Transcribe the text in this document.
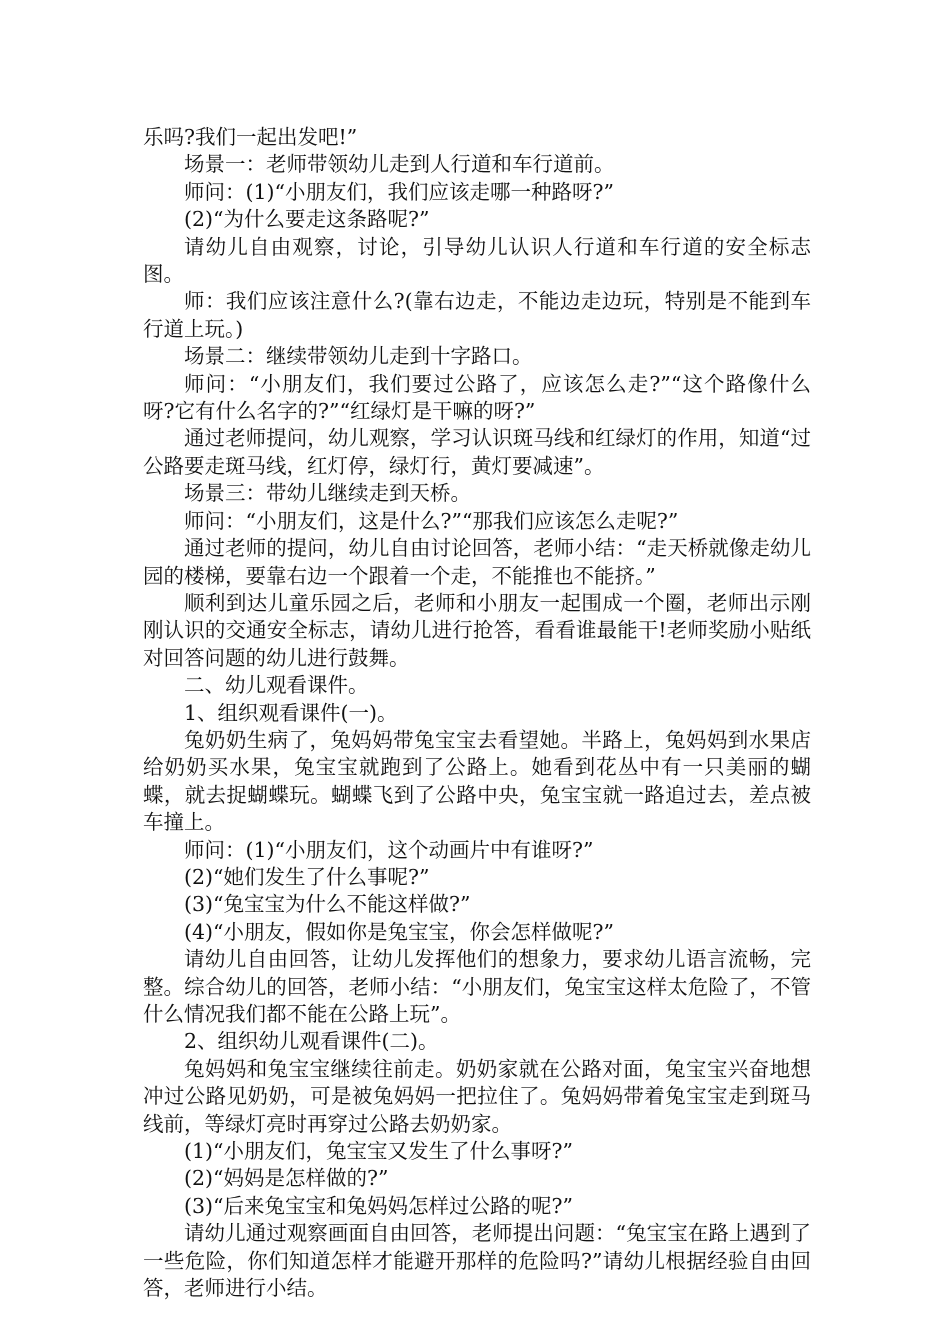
乐吗?我们一起出发吧!”

场景一：老师带领幼儿走到人行道和车行道前。

师问：(1)“小朋友们，我们应该走哪一种路呀?”

(2)“为什么要走这条路呢?”

请幼儿自由观察，讨论，引导幼儿认识人行道和车行道的安全标志图。

师：我们应该注意什么?(靠右边走，不能边走边玩，特别是不能到车行道上玩。)

场景二：继续带领幼儿走到十字路口。

师问：“小朋友们，我们要过公路了，应该怎么走?”“这个路像什么呀?它有什么名字的?”“红绿灯是干嘛的呀?”

通过老师提问，幼儿观察，学习认识斑马线和红绿灯的作用，知道“过公路要走斑马线，红灯停，绿灯行，黄灯要减速”。

场景三：带幼儿继续走到天桥。

师问：“小朋友们，这是什么?”“那我们应该怎么走呢?”

通过老师的提问，幼儿自由讨论回答，老师小结：“走天桥就像走幼儿园的楼梯，要靠右边一个跟着一个走，不能推也不能挤。”

顺利到达儿童乐园之后，老师和小朋友一起围成一个圈，老师出示刚刚认识的交通安全标志，请幼儿进行抢答，看看谁最能干!老师奖励小贴纸对回答问题的幼儿进行鼓舞。

二、幼儿观看课件。

1、组织观看课件(一)。

兔奶奶生病了，兔妈妈带兔宝宝去看望她。半路上，兔妈妈到水果店给奶奶买水果，兔宝宝就跑到了公路上。她看到花丛中有一只美丽的蝴蝶，就去捉蝴蝶玩。蝴蝶飞到了公路中央，兔宝宝就一路追过去，差点被车撞上。

师问：(1)“小朋友们，这个动画片中有谁呀?”

(2)“她们发生了什么事呢?”

(3)“兔宝宝为什么不能这样做?”

(4)“小朋友，假如你是兔宝宝，你会怎样做呢?”

请幼儿自由回答，让幼儿发挥他们的想象力，要求幼儿语言流畅，完整。综合幼儿的回答，老师小结：“小朋友们，兔宝宝这样太危险了，不管什么情况我们都不能在公路上玩”。

2、组织幼儿观看课件(二)。

兔妈妈和兔宝宝继续往前走。奶奶家就在公路对面，兔宝宝兴奋地想冲过公路见奶奶，可是被兔妈妈一把拉住了。兔妈妈带着兔宝宝走到斑马线前，等绿灯亮时再穿过公路去奶奶家。

(1)“小朋友们，兔宝宝又发生了什么事呀?”

(2)“妈妈是怎样做的?”

(3)“后来兔宝宝和兔妈妈怎样过公路的呢?”

请幼儿通过观察画面自由回答，老师提出问题：“兔宝宝在路上遇到了一些危险，你们知道怎样才能避开那样的危险吗?”请幼儿根据经验自由回答，老师进行小结。
